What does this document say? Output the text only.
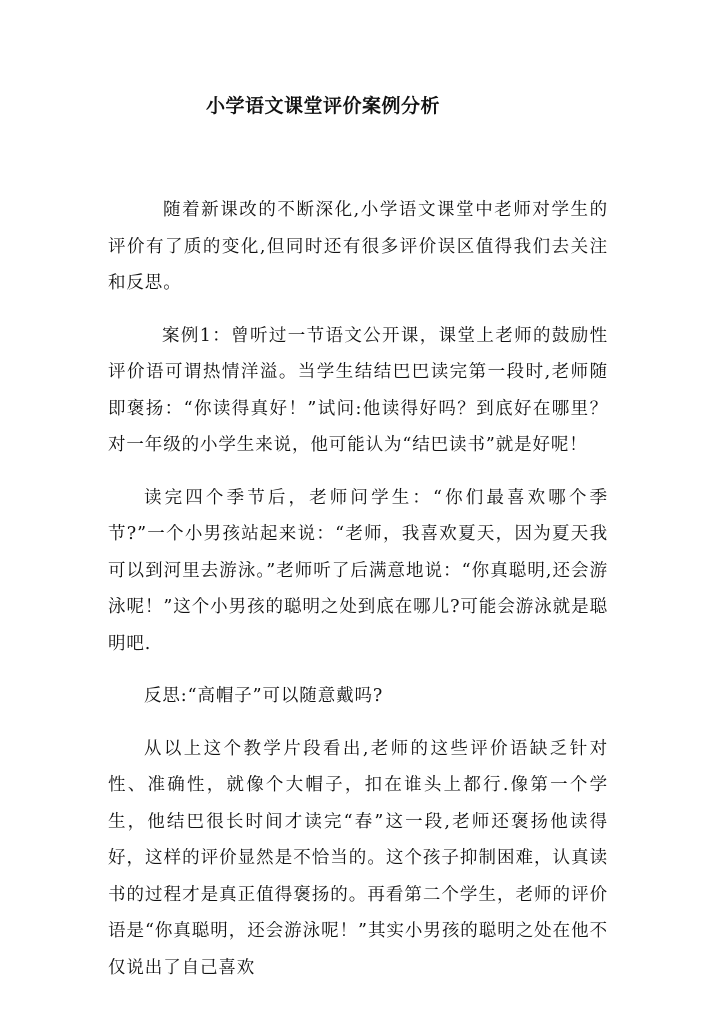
小学语文课堂评价案例分析

随着新课改的不断深化,小学语文课堂中老师对学生的评价有了质的变化,但同时还有很多评价误区值得我们去关注和反思。

案例1：曾听过一节语文公开课，课堂上老师的鼓励性评价语可谓热情洋溢。当学生结结巴巴读完第一段时,老师随即褒扬：“你读得真好！”试问:他读得好吗？到底好在哪里？对一年级的小学生来说，他可能认为“结巴读书”就是好呢！

读完四个季节后，老师问学生：“你们最喜欢哪个季节?”一个小男孩站起来说：“老师，我喜欢夏天，因为夏天我可以到河里去游泳。”老师听了后满意地说：“你真聪明,还会游泳呢！”这个小男孩的聪明之处到底在哪儿?可能会游泳就是聪明吧.

反思:“高帽子”可以随意戴吗?

从以上这个教学片段看出,老师的这些评价语缺乏针对性、准确性，就像个大帽子，扣在谁头上都行.像第一个学生，他结巴很长时间才读完“春”这一段,老师还褒扬他读得好，这样的评价显然是不恰当的。这个孩子抑制困难，认真读书的过程才是真正值得褒扬的。再看第二个学生，老师的评价语是“你真聪明，还会游泳呢！”其实小男孩的聪明之处在他不仅说出了自己喜欢
